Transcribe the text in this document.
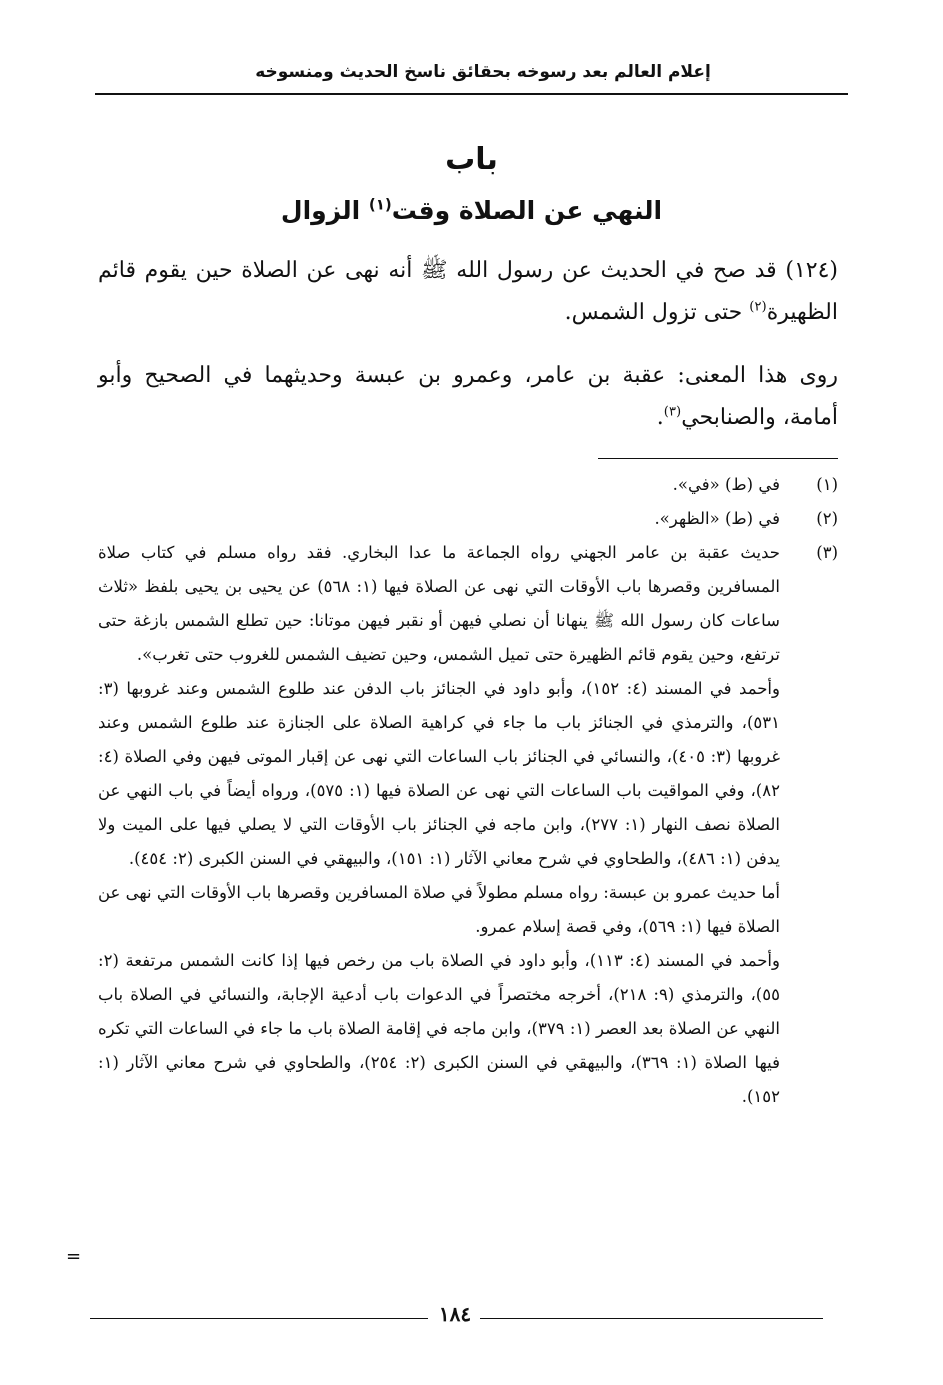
إعلام العالم بعد رسوخه بحقائق ناسخ الحديث ومنسوخه
باب
النهي عن الصلاة وقت$^{(١)}$ الزوال
(١٢٤) قد صح في الحديث عن رسول الله ﷺ أنه نهى عن الصلاة حين يقوم قائم الظهيرة$^{(٢)}$ حتى تزول الشمس.
روى هذا المعنى: عقبة بن عامر، وعمرو بن عبسة وحديثهما في الصحيح وأبو أمامة، والصنابحي$^{(٣)}$.
(١)

في (ط) «في».

(٢)

في (ط) «الظهر».

(٣)

حديث عقبة بن عامر الجهني رواه الجماعة ما عدا البخاري. فقد رواه مسلم في كتاب صلاة المسافرين وقصرها باب الأوقات التي نهى عن الصلاة فيها (١: ٥٦٨) عن يحيى بن يحيى بلفظ «ثلاث ساعات كان رسول الله ﷺ ينهانا أن نصلي فيهن أو نقبر فيهن موتانا: حين تطلع الشمس بازغة حتى ترتفع، وحين يقوم قائم الظهيرة حتى تميل الشمس، وحين تضيف الشمس للغروب حتى تغرب».

وأحمد في المسند (٤: ١٥٢)، وأبو داود في الجنائز باب الدفن عند طلوع الشمس وعند غروبها (٣: ٥٣١)، والترمذي في الجنائز باب ما جاء في كراهية الصلاة على الجنازة عند طلوع الشمس وعند غروبها (٣: ٤٠٥)، والنسائي في الجنائز باب الساعات التي نهى عن إقبار الموتى فيهن وفي الصلاة (٤: ٨٢)، وفي المواقيت باب الساعات التي نهى عن الصلاة فيها (١: ٥٧٥)، ورواه أيضاً في باب النهي عن الصلاة نصف النهار (١: ٢٧٧)، وابن ماجه في الجنائز باب الأوقات التي لا يصلي فيها على الميت ولا يدفن (١: ٤٨٦)، والطحاوي في شرح معاني الآثار (١: ١٥١)، والبيهقي في السنن الكبرى (٢: ٤٥٤).

أما حديث عمرو بن عبسة: رواه مسلم مطولاً في صلاة المسافرين وقصرها باب الأوقات التي نهى عن الصلاة فيها (١: ٥٦٩)، وفي قصة إسلام عمرو.

وأحمد في المسند (٤: ١١٣)، وأبو داود في الصلاة باب من رخص فيها إذا كانت الشمس مرتفعة (٢: ٥٥)، والترمذي (٩: ٢١٨)، أخرجه مختصراً في الدعوات باب أدعية الإجابة، والنسائي في الصلاة باب النهي عن الصلاة بعد العصر (١: ٣٧٩)، وابن ماجه في إقامة الصلاة باب ما جاء في الساعات التي تكره فيها الصلاة (١: ٣٦٩)، والبيهقي في السنن الكبرى (٢: ٢٥٤)، والطحاوي في شرح معاني الآثار (١: ١٥٢).

=
١٨٤
